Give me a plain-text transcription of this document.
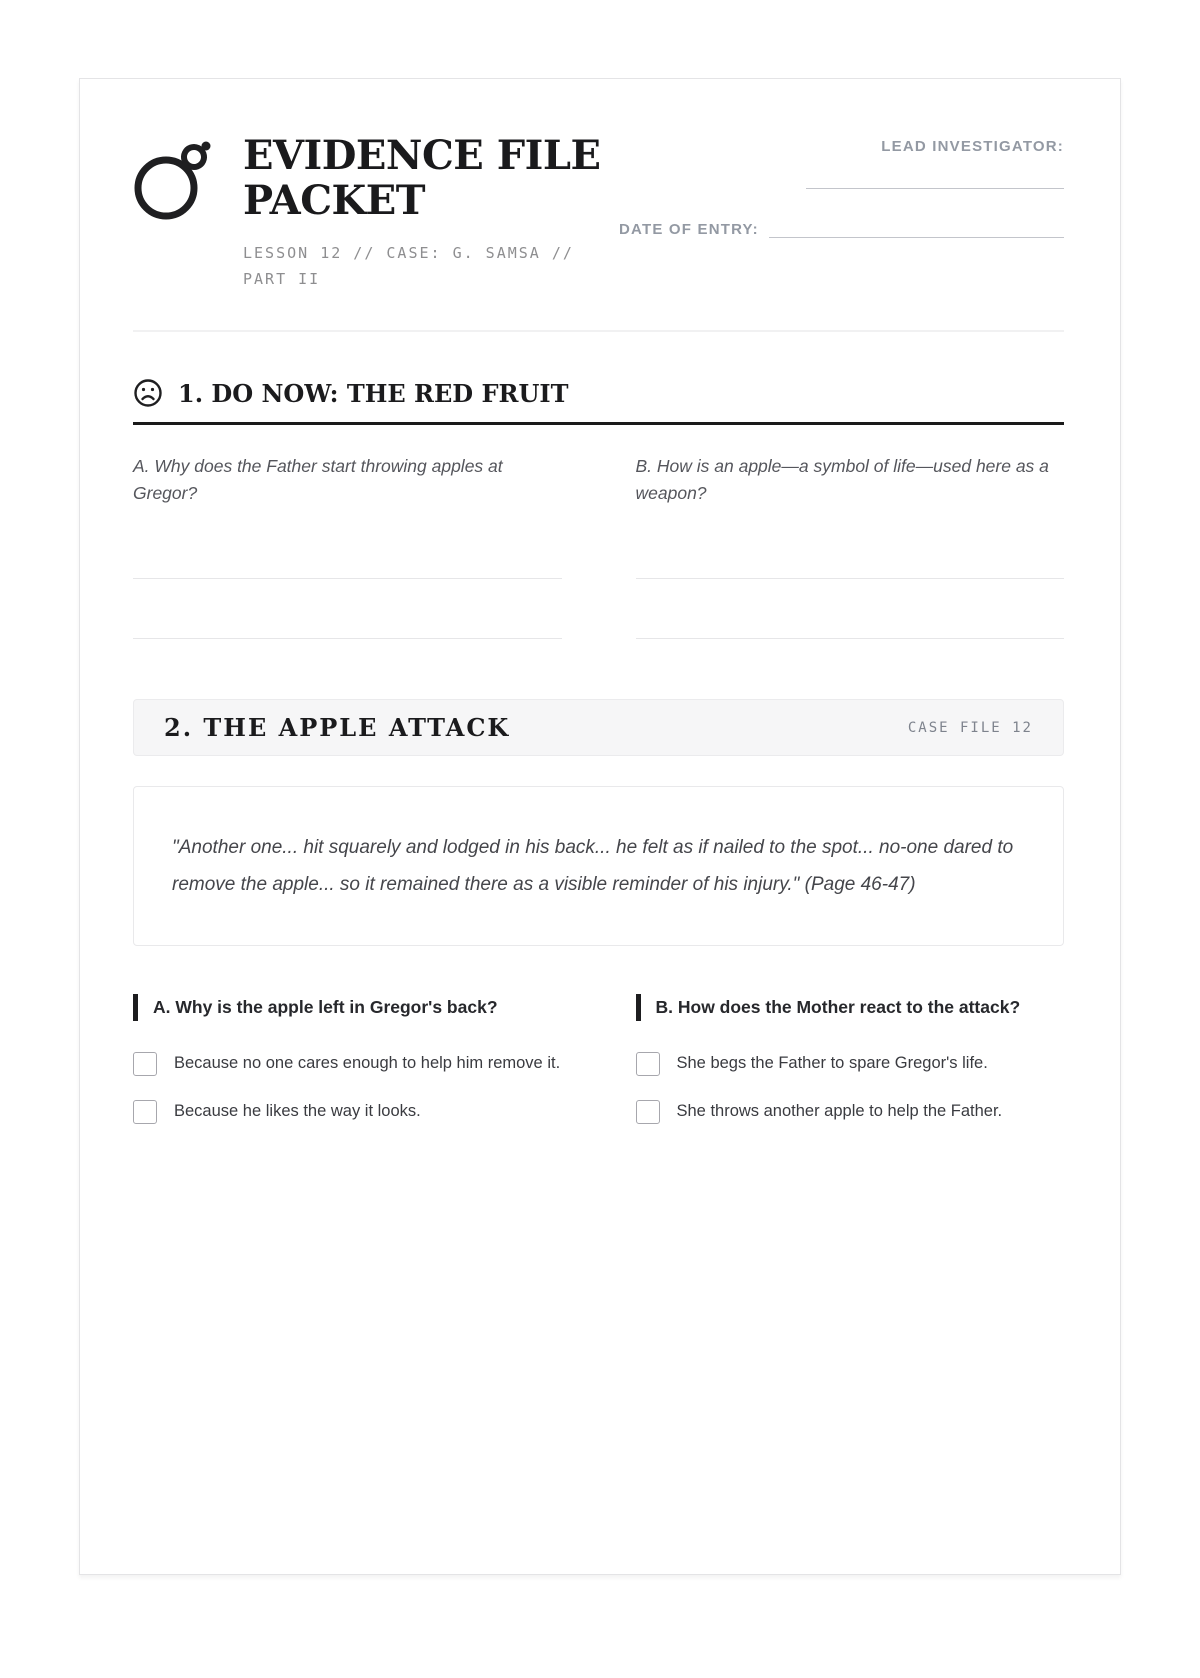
EVIDENCE FILE PACKET
LESSON 12 // CASE: G. SAMSA // PART II
LEAD INVESTIGATOR:
DATE OF ENTRY:
1. DO NOW: THE RED FRUIT
A. Why does the Father start throwing apples at Gregor?
B. How is an apple—a symbol of life—used here as a weapon?
2. THE APPLE ATTACK	CASE FILE 12

"Another one... hit squarely and lodged in his back... he felt as if nailed to the spot... no-one dared to remove the apple... so it remained there as a visible reminder of his injury." (Page 46-47)

A. Why is the apple left in Gregor's back?
Because no one cares enough to help him remove it.
Because he likes the way it looks.
B. How does the Mother react to the attack?
She begs the Father to spare Gregor's life.
She throws another apple to help the Father.
